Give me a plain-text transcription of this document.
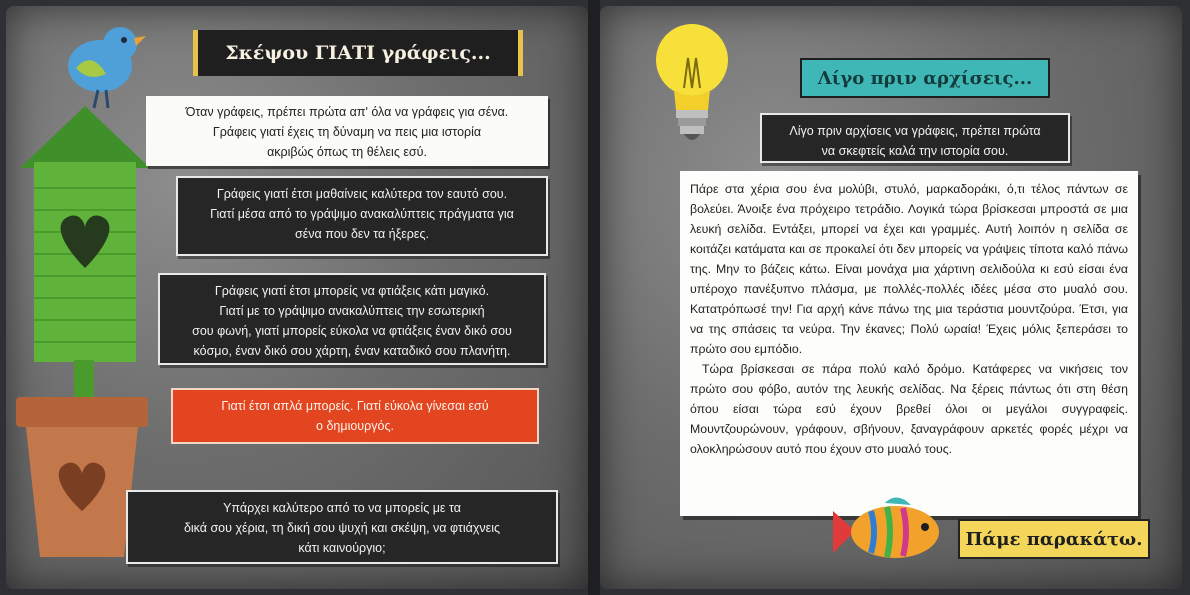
Σκέψου ΓΙΑΤΙ γράφεις...
Όταν γράφεις, πρέπει πρώτα απ' όλα να γράφεις για σένα.
Γράφεις γιατί έχεις τη δύναμη να πεις μια ιστορία
ακριβώς όπως τη θέλεις εσύ.
Γράφεις γιατί έτσι μαθαίνεις καλύτερα τον εαυτό σου.
Γιατί μέσα από το γράψιμο ανακαλύπτεις πράγματα για
σένα που δεν τα ήξερες.
Γράφεις γιατί έτσι μπορείς να φτιάξεις κάτι μαγικό.
Γιατί με το γράψιμο ανακαλύπτεις την εσωτερική
σου φωνή, γιατί μπορείς εύκολα να φτιάξεις έναν δικό σου
κόσμο, έναν δικό σου χάρτη, έναν καταδικό σου πλανήτη.
Γιατί έτσι απλά μπορείς. Γιατί εύκολα γίνεσαι εσύ
ο δημιουργός.
Υπάρχει καλύτερο από το να μπορείς με τα
δικά σου χέρια, τη δική σου ψυχή και σκέψη, να φτιάχνεις
κάτι καινούργιο;
Λίγο πριν αρχίσεις...
Λίγο πριν αρχίσεις να γράφεις, πρέπει πρώτα
να σκεφτείς καλά την ιστορία σου.

Πάρε στα χέρια σου ένα μολύβι, στυλό, μαρκαδοράκι, ό,τι τέλος πάντων σε βολεύει. Άνοιξε ένα πρόχειρο τετράδιο. Λογικά τώρα βρίσκεσαι μπροστά σε μια λευκή σελίδα. Εντάξει, μπορεί να έχει και γραμμές. Αυτή λοιπόν η σελίδα σε κοιτάζει κατάματα και σε προκαλεί ότι δεν μπορείς να γράψεις τίποτα καλό πάνω της. Μην το βάζεις κάτω. Είναι μονάχα μια χάρτινη σελιδούλα κι εσύ είσαι ένα υπέροχο πανέξυπνο πλάσμα, με πολλές-πολλές ιδέες μέσα στο μυαλό σου. Κατατρόπωσέ την! Για αρχή κάνε πάνω της μια τεράστια μουντζούρα. Έτσι, για να της σπάσεις τα νεύρα. Την έκανες; Πολύ ωραία! Έχεις μόλις ξεπεράσει το πρώτο σου εμπόδιο.

Τώρα βρίσκεσαι σε πάρα πολύ καλό δρόμο. Κατάφερες να νικήσεις τον πρώτο σου φόβο, αυτόν της λευκής σελίδας. Να ξέρεις πάντως ότι στη θέση όπου είσαι τώρα εσύ έχουν βρεθεί όλοι οι μεγάλοι συγγραφείς. Μουντζουρώνουν, γράφουν, σβήνουν, ξαναγράφουν αρκετές φορές μέχρι να ολοκληρώσουν αυτό που έχουν στο μυαλό τους.

Πάμε παρακάτω.
